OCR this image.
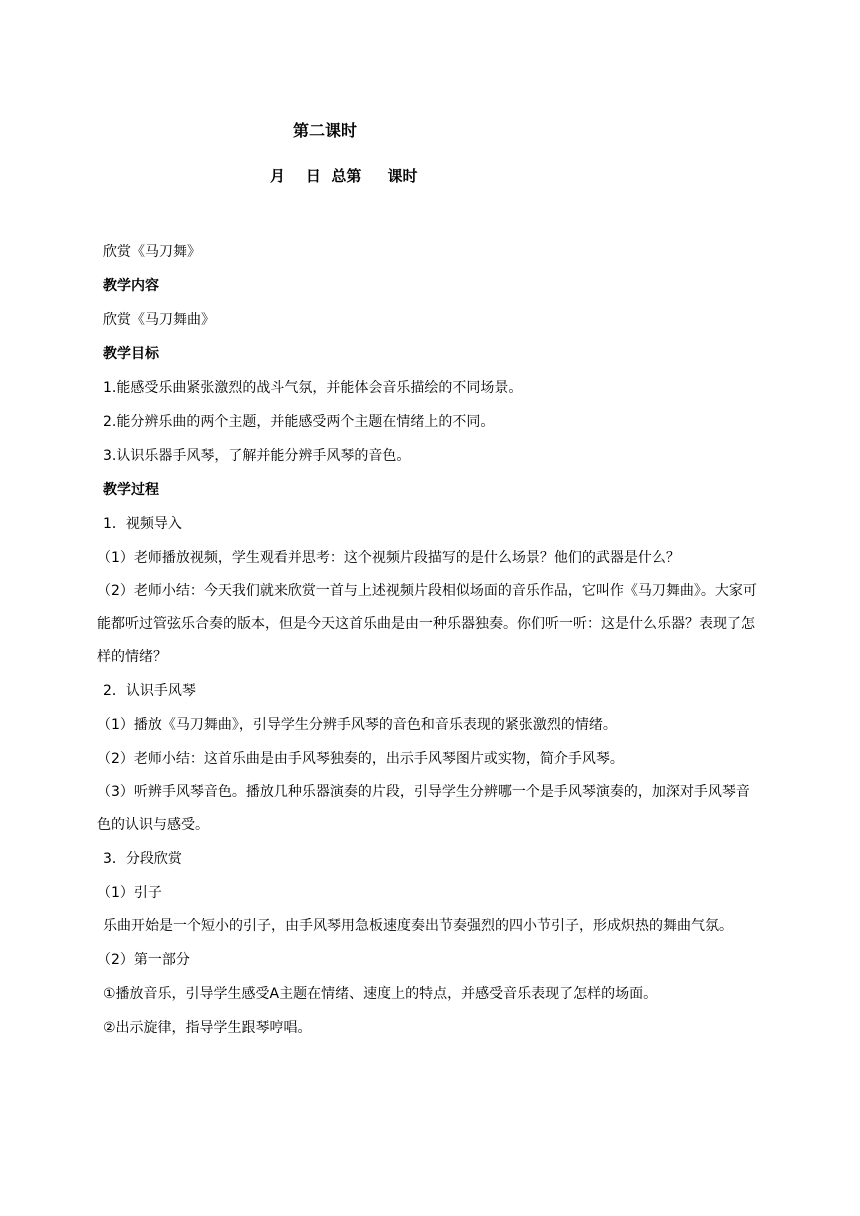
第二课时
月    日  总第     课时

欣赏《马刀舞》

教学内容

欣赏《马刀舞曲》

教学目标

1.能感受乐曲紧张激烈的战斗气氛，并能体会音乐描绘的不同场景。

2.能分辨乐曲的两个主题，并能感受两个主题在情绪上的不同。

3.认识乐器手风琴，了解并能分辨手风琴的音色。

教学过程

1．视频导入

（1）老师播放视频，学生观看并思考：这个视频片段描写的是什么场景？他们的武器是什么？

（2）老师小结：今天我们就来欣赏一首与上述视频片段相似场面的音乐作品，它叫作《马刀舞曲》。大家可能都听过管弦乐合奏的版本，但是今天这首乐曲是由一种乐器独奏。你们听一听：这是什么乐器？表现了怎样的情绪？

2．认识手风琴

（1）播放《马刀舞曲》，引导学生分辨手风琴的音色和音乐表现的紧张激烈的情绪。

（2）老师小结：这首乐曲是由手风琴独奏的，出示手风琴图片或实物，简介手风琴。

（3）听辨手风琴音色。播放几种乐器演奏的片段，引导学生分辨哪一个是手风琴演奏的，加深对手风琴音色的认识与感受。

3．分段欣赏

（1）引子

乐曲开始是一个短小的引子，由手风琴用急板速度奏出节奏强烈的四小节引子，形成炽热的舞曲气氛。

（2）第一部分

①播放音乐，引导学生感受A主题在情绪、速度上的特点，并感受音乐表现了怎样的场面。

②出示旋律，指导学生跟琴哼唱。
